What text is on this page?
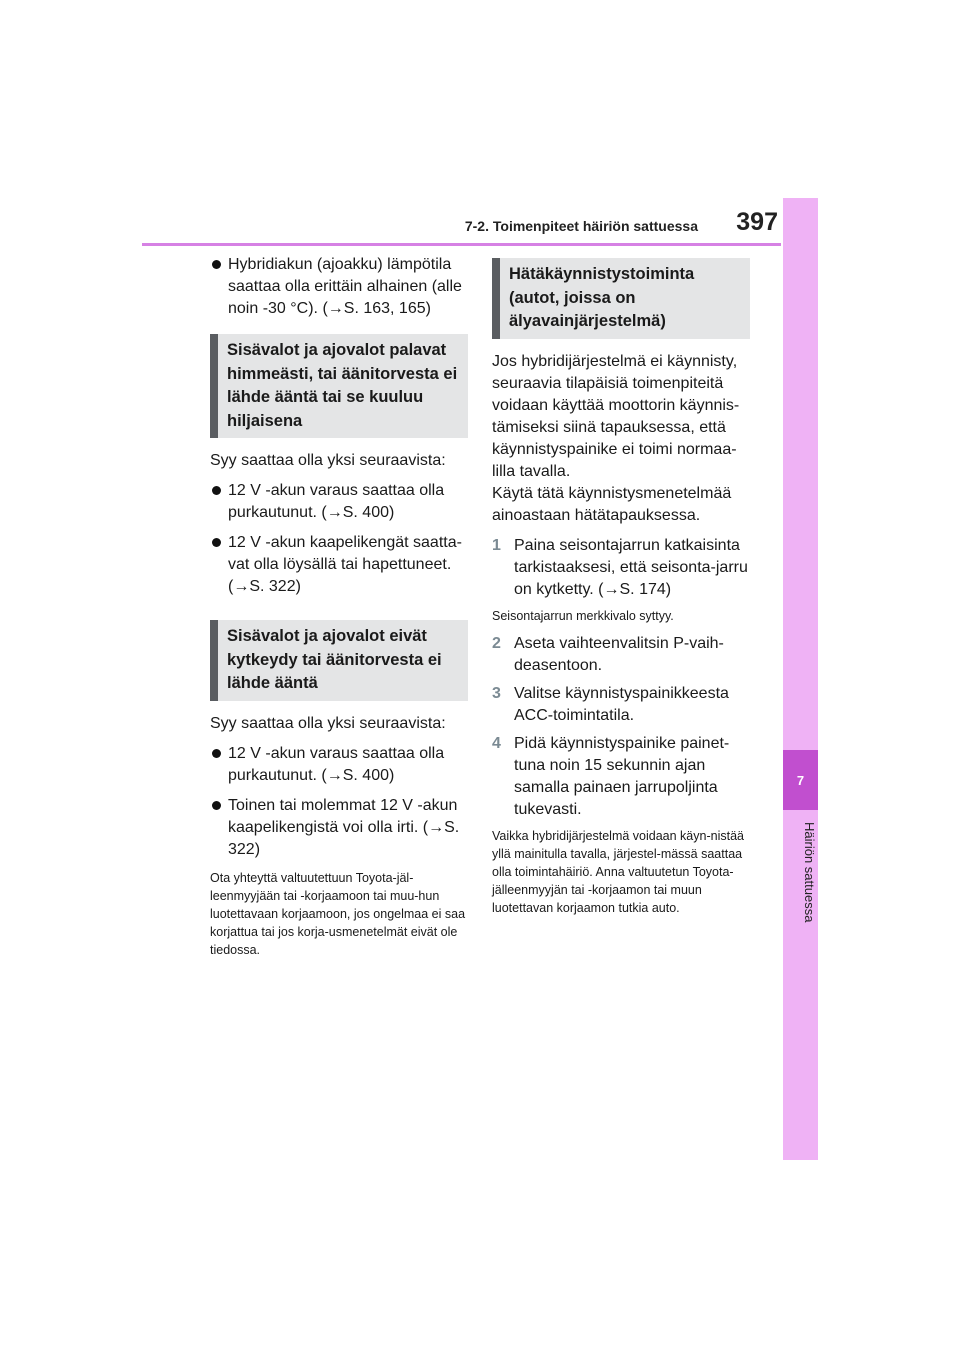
7-2. Toimenpiteet häiriön sattuessa	397
7
Häiriön sattuessa
Hybridiakun (ajoakku) lämpötila saattaa olla erittäin alhainen (alle noin -30 °C). (→S. 163, 165)
Sisävalot ja ajovalot palavat himmeästi, tai äänitorvesta ei lähde ääntä tai se kuuluu hiljaisena
Syy saattaa olla yksi seuraavista:
12 V -akun varaus saattaa olla purkautunut. (→S. 400)
12 V -akun kaapelikengät saatta-vat olla löysällä tai hapettuneet. (→S. 322)
Sisävalot ja ajovalot eivät kytkeydy tai äänitorvesta ei lähde ääntä
Syy saattaa olla yksi seuraavista:
12 V -akun varaus saattaa olla purkautunut. (→S. 400)
Toinen tai molemmat 12 V -akun kaapelikengistä voi olla irti. (→S. 322)
Ota yhteyttä valtuutettuun Toyota-jäl-leenmyyjään tai -korjaamoon tai muu-hun luotettavaan korjaamoon, jos ongelmaa ei saa korjattua tai jos korja-usmenetelmät eivät ole tiedossa.
Hätäkäynnistystoiminta (autot, joissa on älyavainjärjestelmä)
Jos hybridijärjestelmä ei käynnisty, seuraavia tilapäisiä toimenpiteitä voidaan käyttää moottorin käynnis-tämiseksi siinä tapauksessa, että käynnistyspainike ei toimi normaa-lilla tavalla.
Käytä tätä käynnistysmenetelmää ainoastaan hätätapauksessa.
1 Paina seisontajarrun katkaisinta tarkistaaksesi, että seisonta-jarru on kytketty. (→S. 174)
Seisontajarrun merkkivalo syttyy.
2 Aseta vaihteenvalitsin P-vaih-deasentoon.
3 Valitse käynnistyspainikkeesta ACC-toimintatila.
4 Pidä käynnistyspainike painet-tuna noin 15 sekunnin ajan samalla painaen jarrupoljinta tukevasti.
Vaikka hybridijärjestelmä voidaan käyn-nistää yllä mainitulla tavalla, järjestel-mässä saattaa olla toimintahäiriö. Anna valtuutetun Toyota-jälleenmyyjän tai -korjaamon tai muun luotettavan korjaamon tutkia auto.
